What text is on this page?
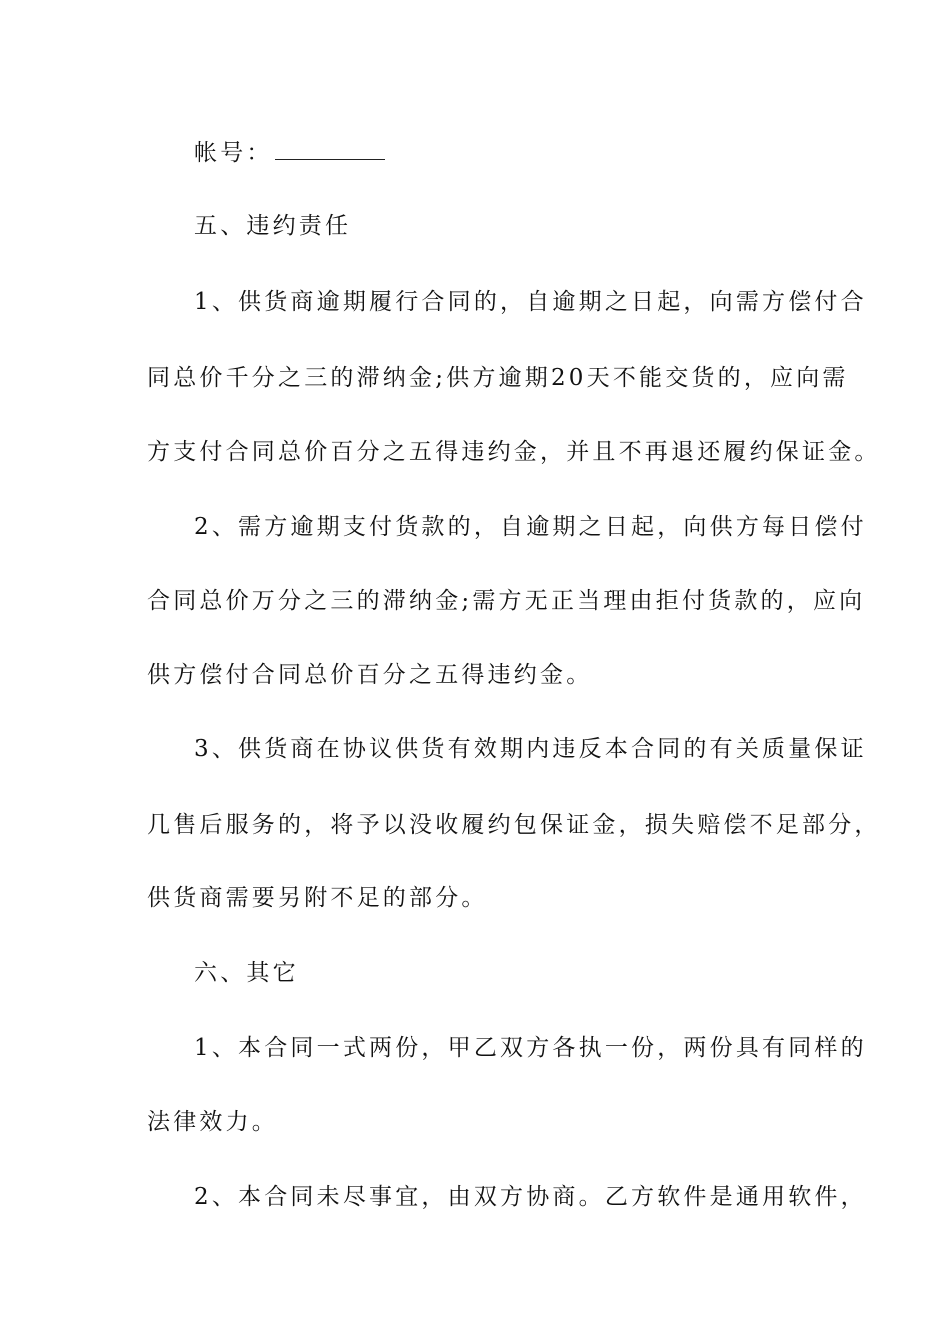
帐号：
五、违约责任
1、供货商逾期履行合同的，自逾期之日起，向需方偿付合
同总价千分之三的滞纳金;供方逾期20天不能交货的，应向需
方支付合同总价百分之五得违约金，并且不再退还履约保证金。
2、需方逾期支付货款的，自逾期之日起，向供方每日偿付
合同总价万分之三的滞纳金;需方无正当理由拒付货款的，应向
供方偿付合同总价百分之五得违约金。
3、供货商在协议供货有效期内违反本合同的有关质量保证
几售后服务的，将予以没收履约包保证金，损失赔偿不足部分，
供货商需要另附不足的部分。
六、其它
1、本合同一式两份，甲乙双方各执一份，两份具有同样的
法律效力。
2、本合同未尽事宜，由双方协商。乙方软件是通用软件，
